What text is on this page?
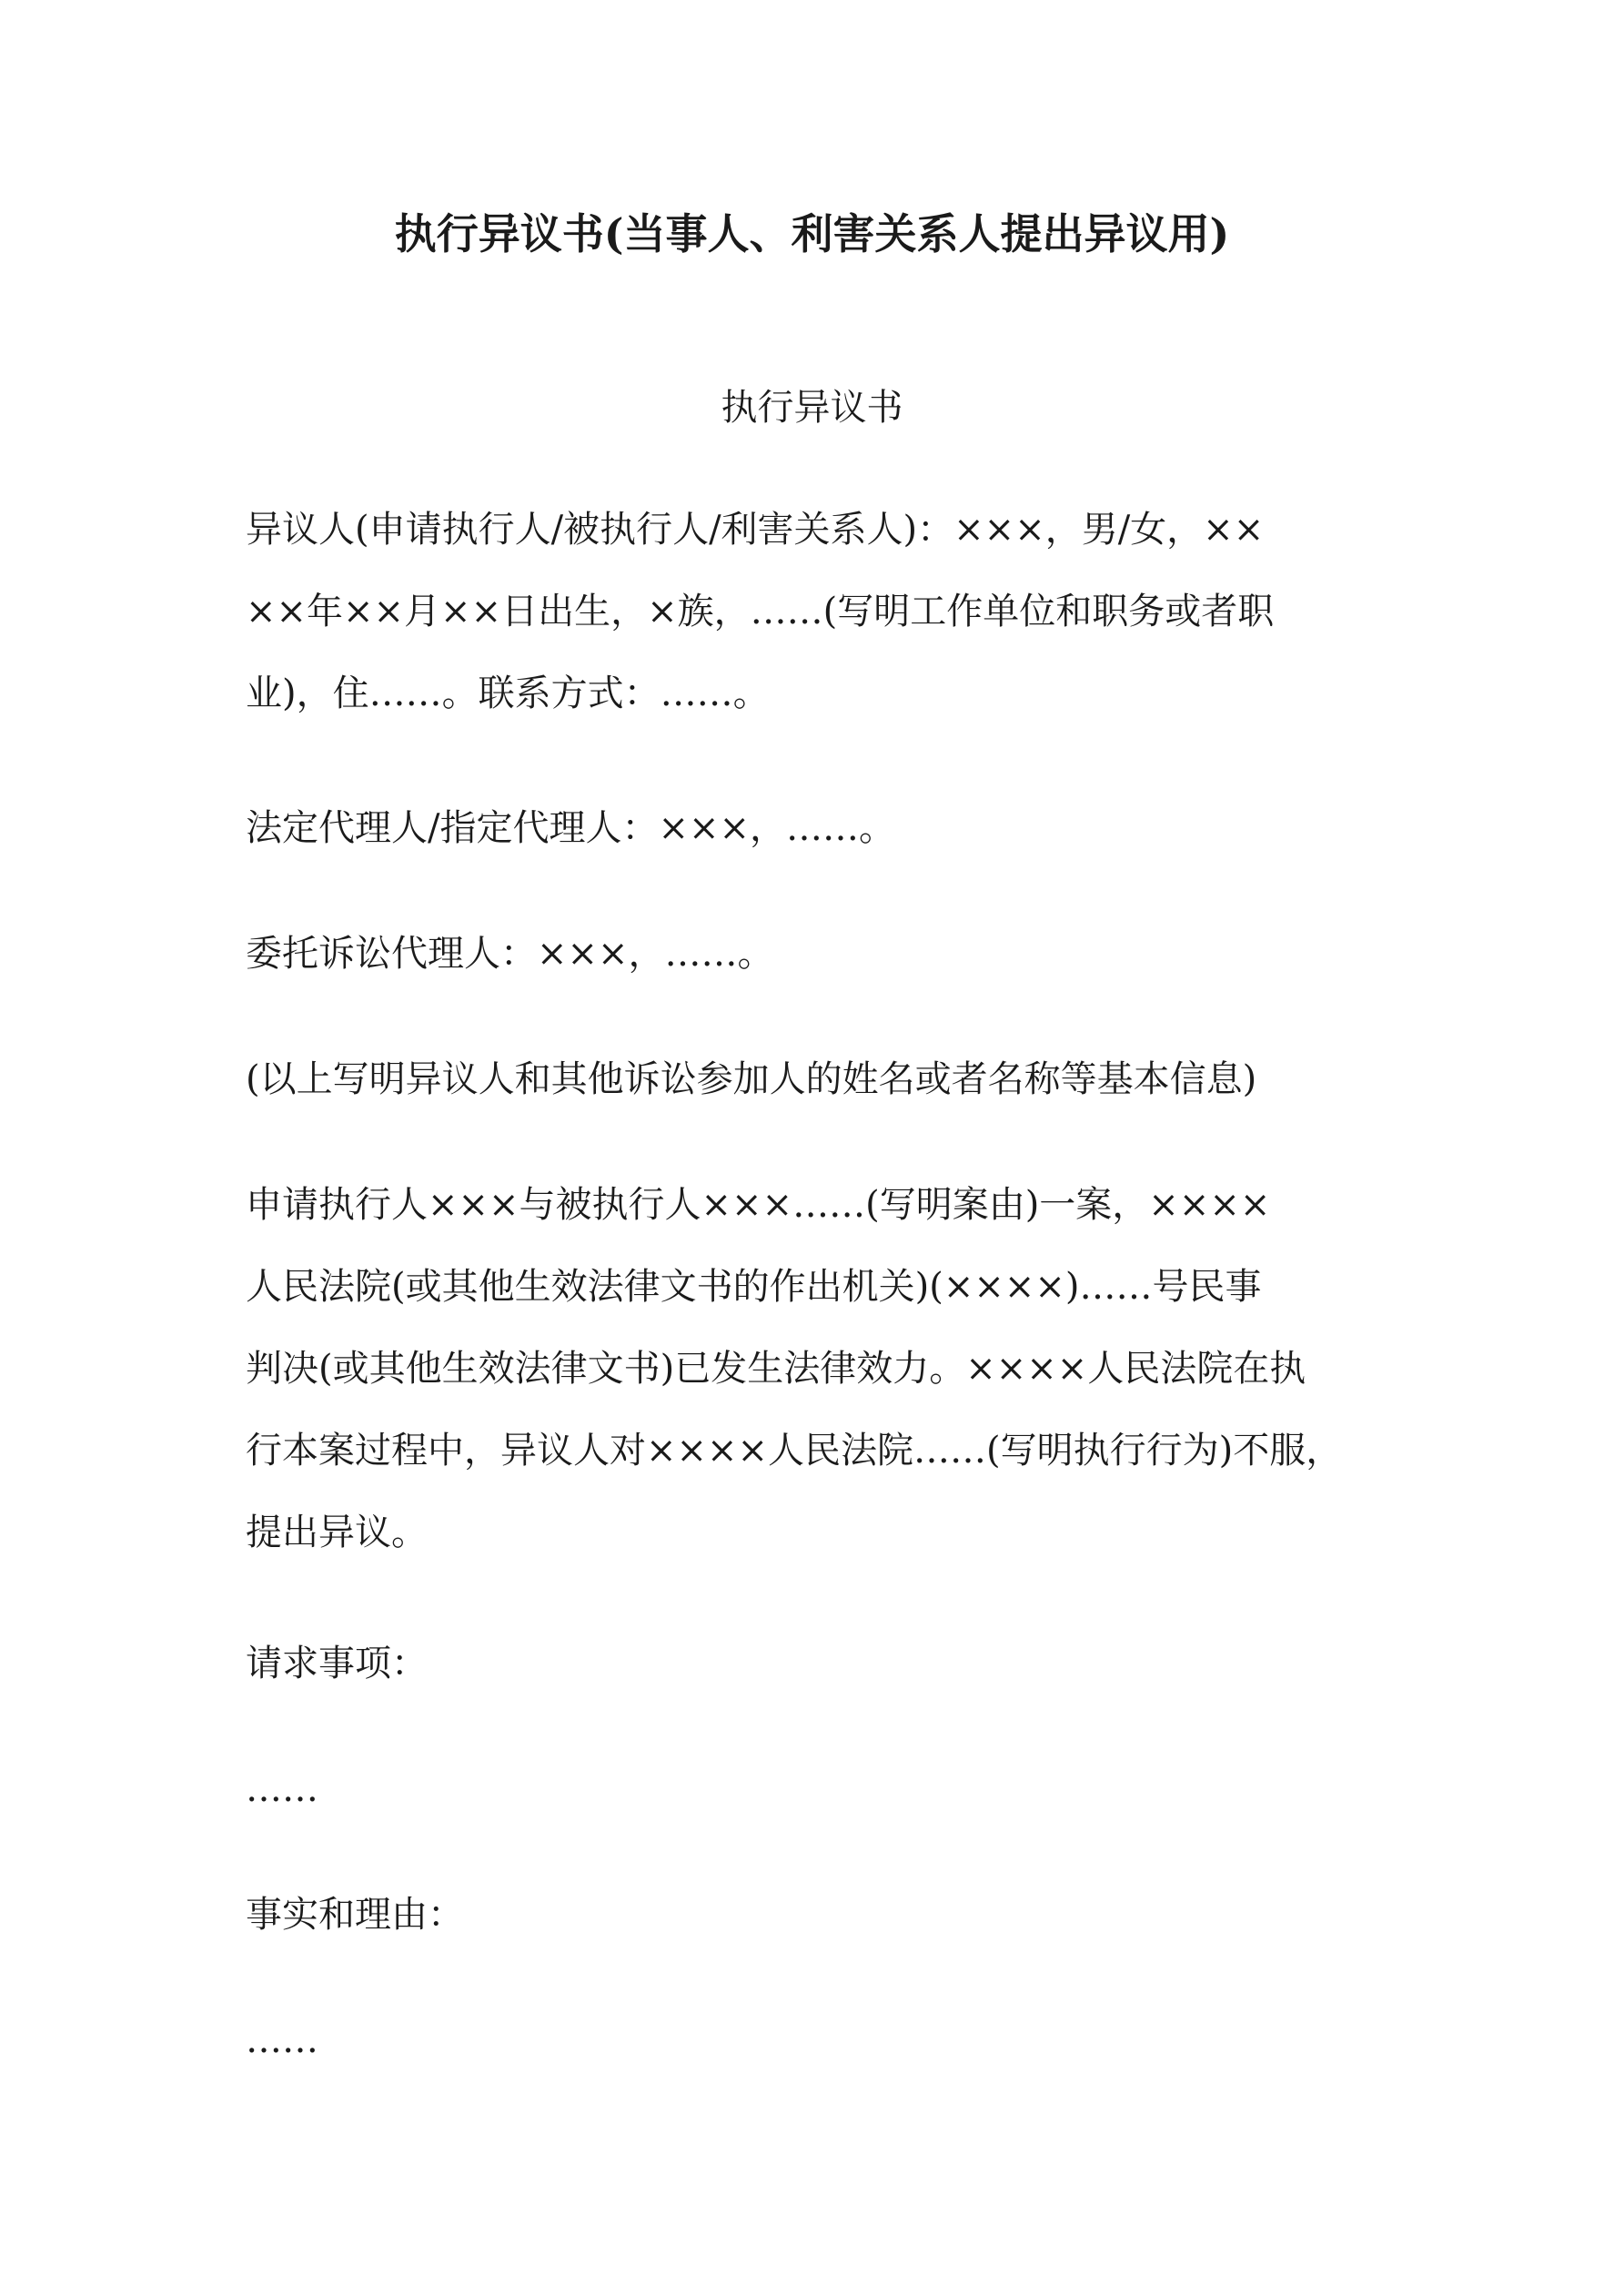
执行异议书(当事人、利害关系人提出异议用)

执行异议书

异议人(申请执行人/被执行人/利害关系人)：×××，男/女，××

××年××月××日出生，×族，……(写明工作单位和职务或者职

业)，住……。联系方式：……。

法定代理人/指定代理人：×××，……。

委托诉讼代理人：×××，……。

(以上写明异议人和其他诉讼参加人的姓名或者名称等基本信息)

申请执行人×××与被执行人×××……(写明案由)一案，××××

人民法院(或其他生效法律文书的作出机关)(××××)……号民事

判决(或其他生效法律文书)已发生法律效力。××××人民法院在执

行本案过程中，异议人对××××人民法院……(写明执行行为)不服，

提出异议。

请求事项：

……

事实和理由：

……
